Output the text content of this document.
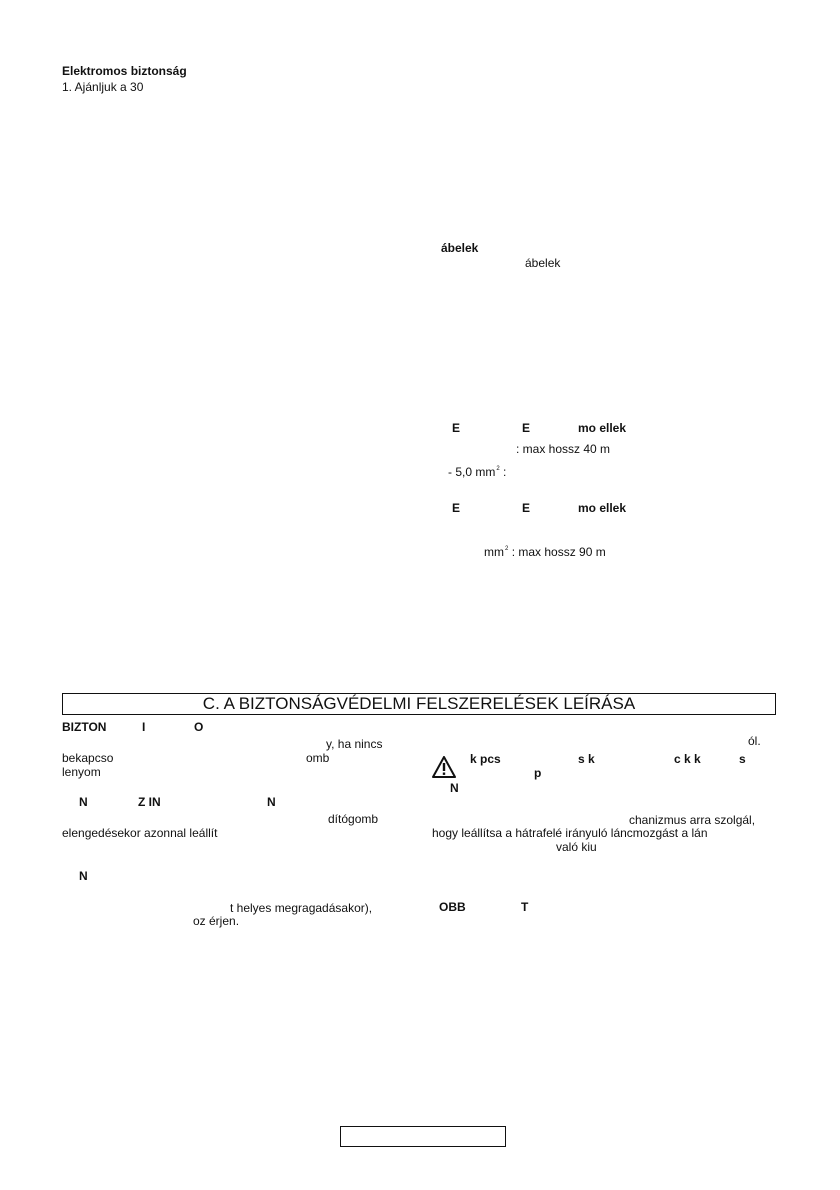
Elektromos biztonság
1. Ajánljuk a 30
ábelek
ábelek
E	E	mo ellek
: max hossz 40 m
- 5,0 $mm^2$ :
E	E	mo ellek
$mm^2$ : max hossz 90 m
C. A BIZTONSÁGVÉDELMI FELSZERELÉSEK LEÍRÁSA
BIZTON	I	O
y, ha nincs
bekapcso	omb
lenyom
N	Z IN	N
dítógomb
elengedésekor azonnal leállít
N
t helyes megragadásakor),
oz érjen.
ól.
k pcs	s k	c k k	s
p
N
chanizmus arra szolgál,
hogy leállítsa a hátrafelé irányuló láncmozgást a lán
való kiu
OBB	T
